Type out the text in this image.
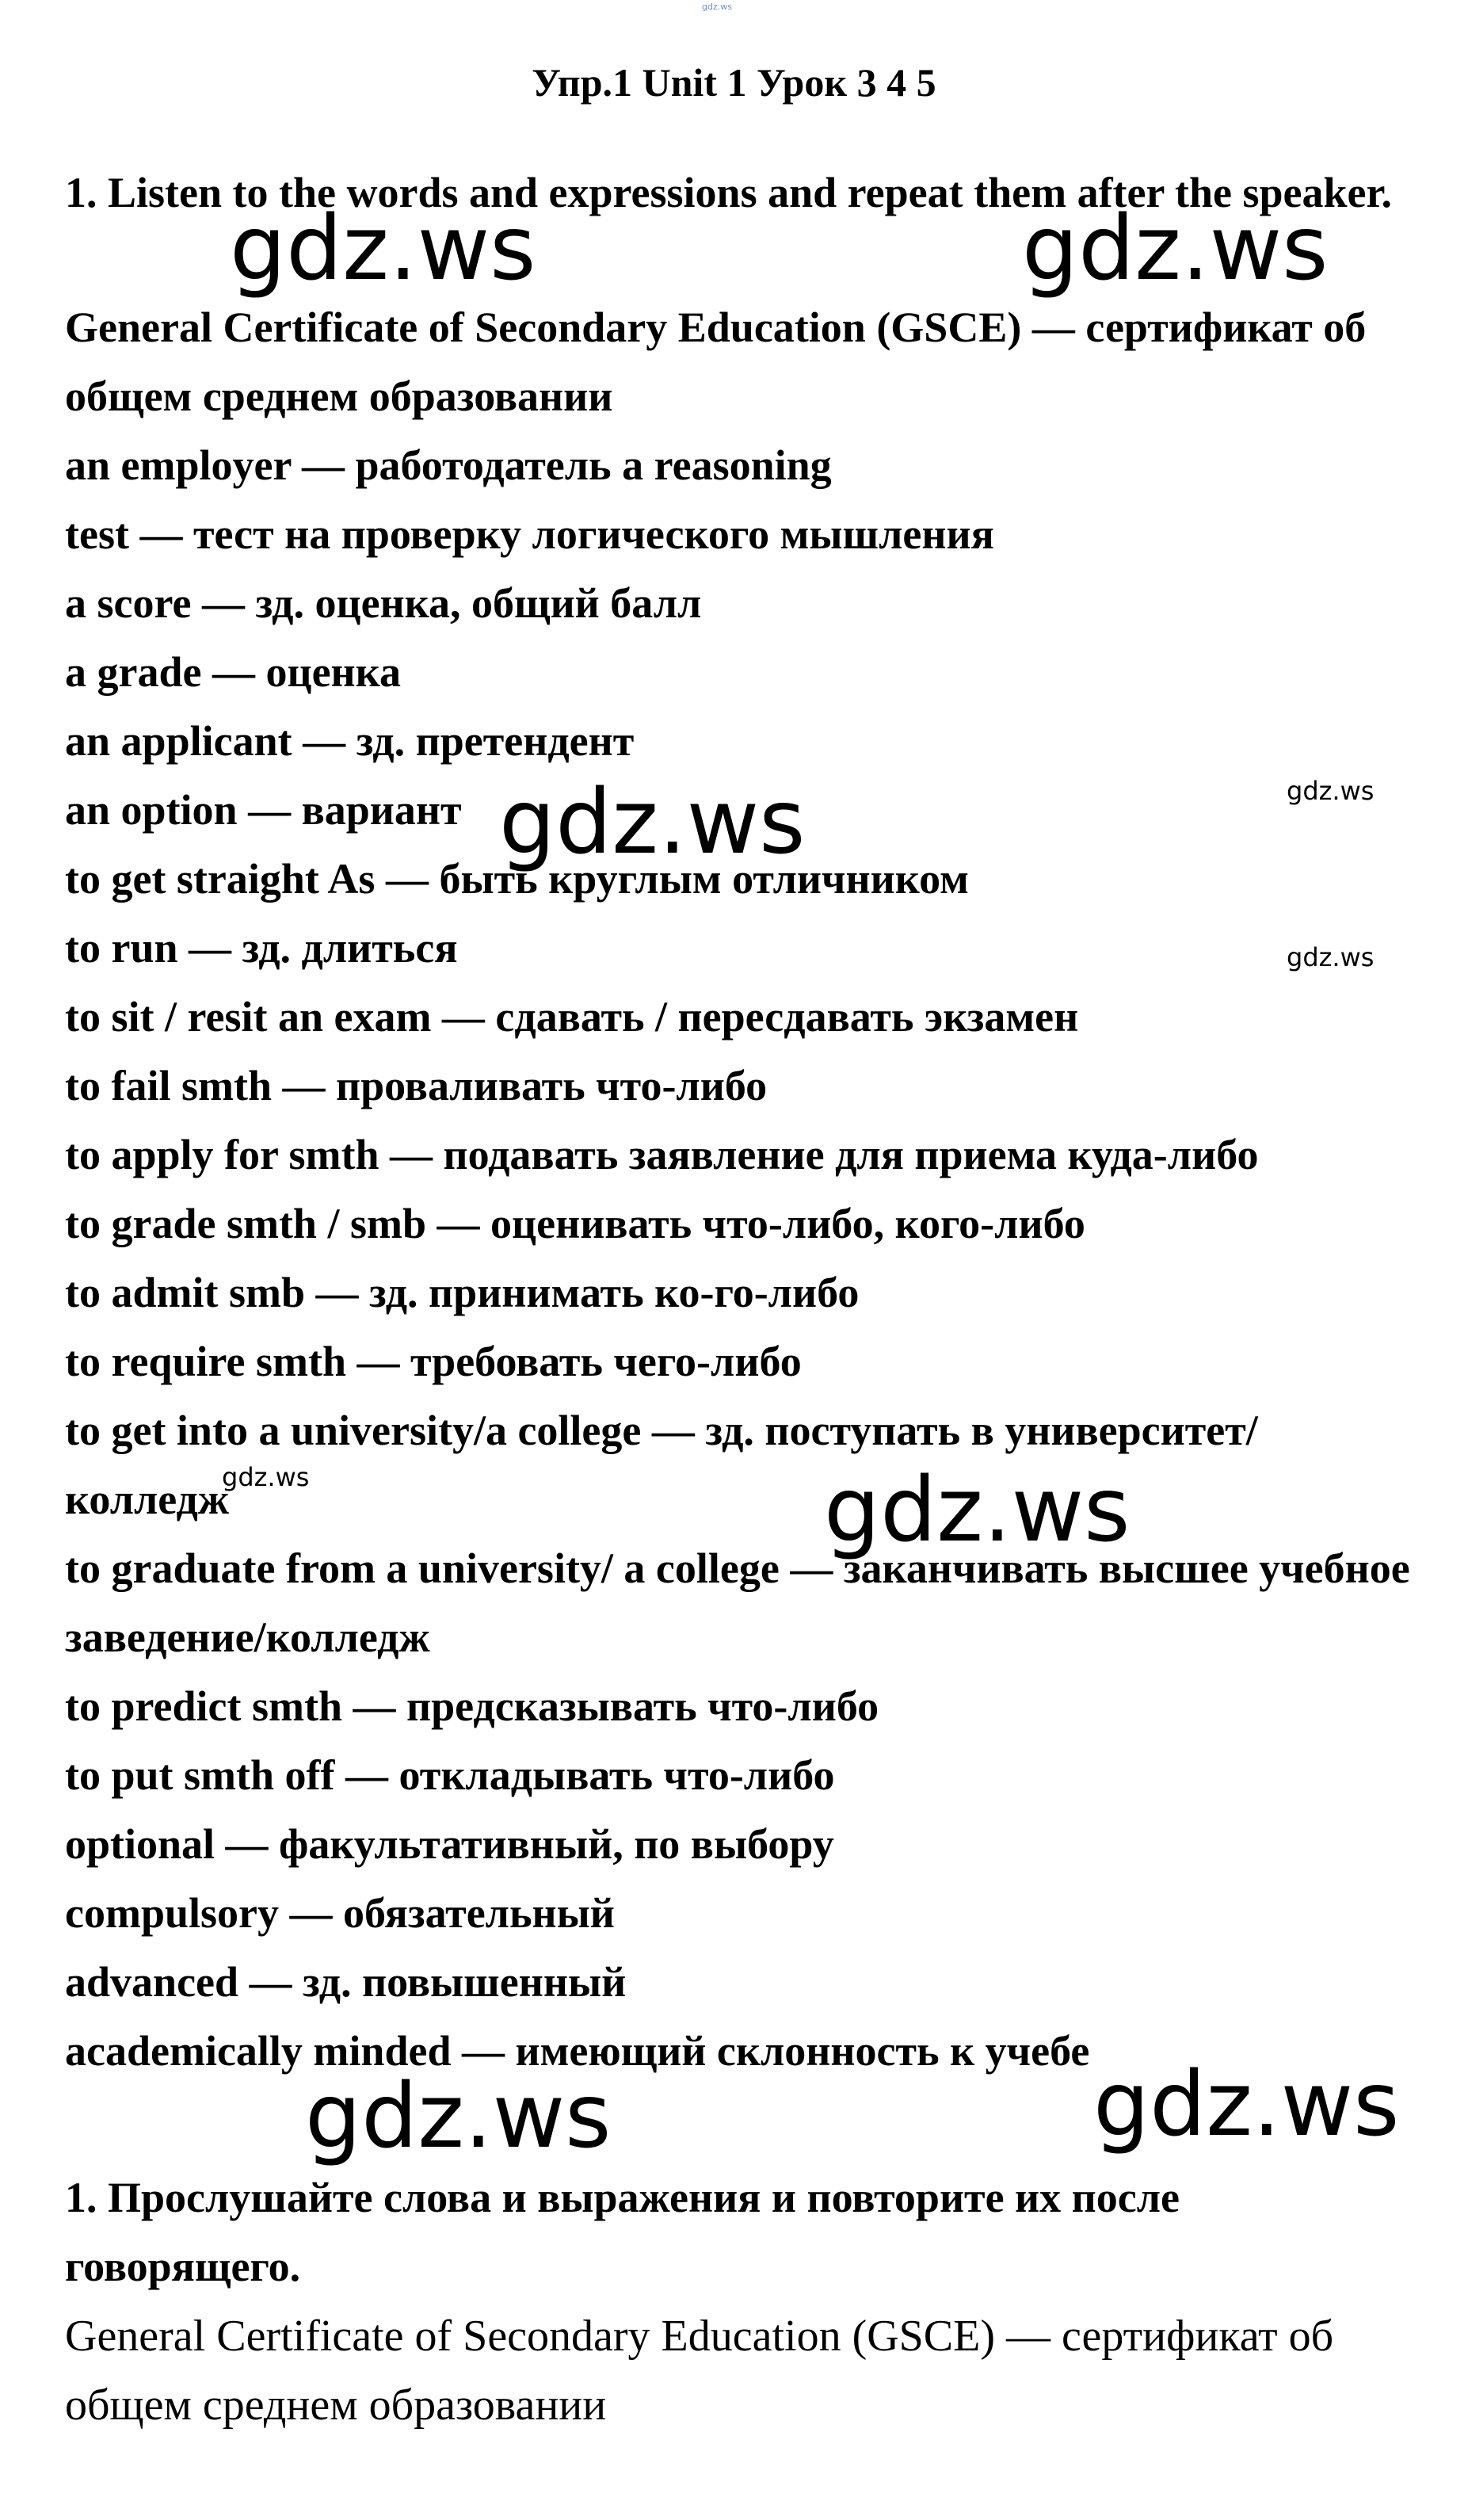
gdz.ws
Упр.1 Unit 1 Урок 3 4 5
1. Listen to the words and expressions and repeat them after the speaker.
General Certificate of Secondary Education (GSCE) — сертификат об общем среднем образовании
an employer — работодатель a reasoning
test — тест на проверку логического мышления
a score — зд. оценка, общий балл
a grade — оценка
an applicant — зд. претендент
an option — вариант
to get straight As — быть круглым отличником
to run — зд. длиться
to sit / resit an exam — сдавать / пересдавать экзамен
to fail smth — проваливать что-либо
to apply for smth — подавать заявление для приема куда-либо
to grade smth / smb — оценивать что-либо, кого-либо
to admit smb — зд. принимать ко-го-либо
to require smth — требовать чего-либо
to get into a university/a college — зд. поступать в университет/ колледж
to graduate from a university/ a college — заканчивать высшее учебное заведение/колледж
to predict smth — предсказывать что-либо
to put smth off — откладывать что-либо
optional — факультативный, по выбору
compulsory — обязательный
advanced — зд. повышенный
academically minded — имеющий склонность к учебе
1. Прослушайте слова и выражения и повторите их после говорящего.
General Certificate of Secondary Education (GSCE) — сертификат об общем среднем образовании
gdz.ws	gdz.ws
gdz.ws
gdz.ws
gdz.ws	gdz.ws
gdz.ws
gdz.ws
gdz.ws
